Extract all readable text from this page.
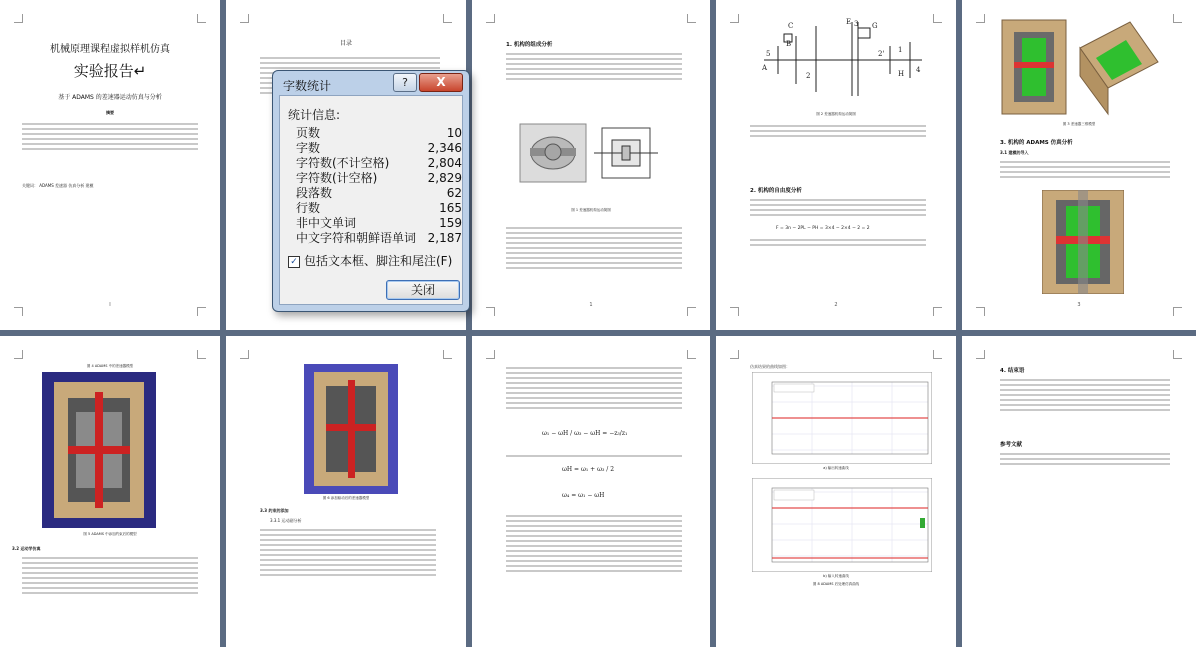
机械原理课程虚拟样机仿真
实验报告↵
基于 ADAMS 的差速器运动仿真与分析
摘要
关键词： ADAMS 差速器 仿真分析 建模
I
目录	1. 机构的组成分析
图 1 差速器机构运动简图
1
5
A
C
B
2
3
E	G
2' 1
4
H
图 2 差速器机构运动简图
2. 机构的自由度分析
F = 3n − 2PL − PH = 3×4 − 2×4 − 2 = 2
2
图 3 差速器三维模型
3. 机构的 ADAMS 仿真分析
3.1 建模的导入
3
图 4 ADAMS 中的差速器模型
图 5 ADAMS 中添加约束后的模型
3.2 运动学仿真
图 6 添加驱动后的差速器模型
3.3 约束的添加
3.3.1 运动副分析
ω₁ − ωH / ω₃ − ωH = −z₃/z₁
ωH = ω₁ + ω₃ / 2
ω₄ = ω₁ − ωH
仿真结果的曲线如图：
a) 输出转速曲线
b) 输入转速曲线
图 8 ADAMS 后处理仿真曲线
4. 结束语
参考文献
字数统计	?	X
统计信息:
页数	10
字数	2,346
字符数(不计空格)	2,804
字符数(计空格)	2,829
段落数	62
行数	165
非中文单词	159
中文字符和朝鲜语单词 2,187
✓ 包括文本框、脚注和尾注(F)
关闭
